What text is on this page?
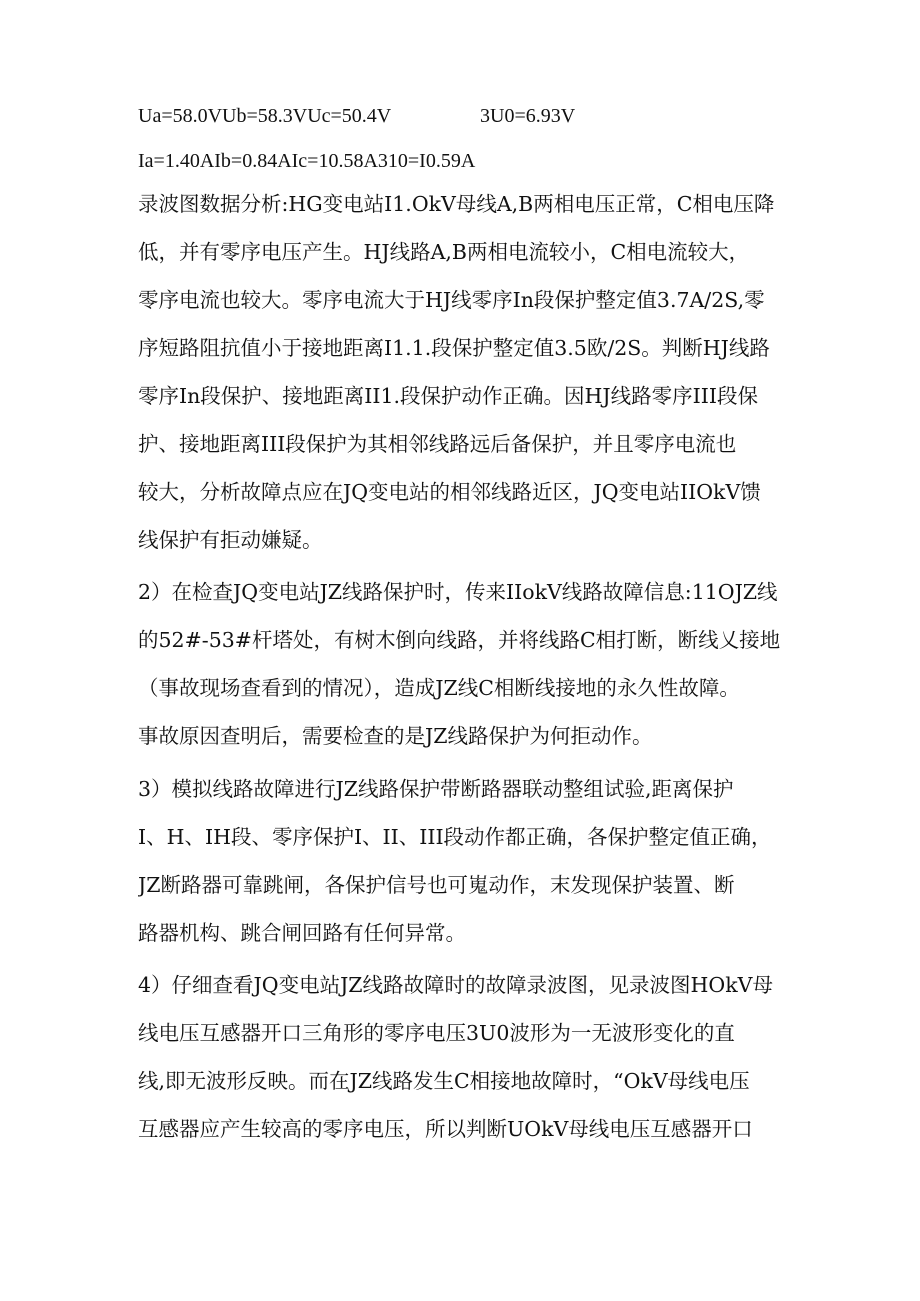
Ua=58.0VUb=58.3VUc=50.4V	3U0=6.93V
Ia=1.40AIb=0.84AIc=10.58A310=I0.59A
录波图数据分析:HG变电站I1.OkV母线A,B两相电压正常，C相电压降
低，并有零序电压产生。HJ线路A,B两相电流较小，C相电流较大，
零序电流也较大。零序电流大于HJ线零序In段保护整定值3.7A/2S,零
序短路阻抗值小于接地距离I1.1.段保护整定值3.5欧/2S。判断HJ线路
零序In段保护、接地距离II1.段保护动作正确。因HJ线路零序III段保
护、接地距离III段保护为其相邻线路远后备保护，并且零序电流也
较大，分析故障点应在JQ变电站的相邻线路近区，JQ变电站IIOkV馈
线保护有拒动嫌疑。
2）在检查JQ变电站JZ线路保护时，传来IIokV线路故障信息:11OJZ线
的52#-53#杆塔处，有树木倒向线路，并将线路C相打断，断线乂接地
（事故现场查看到的情况），造成JZ线C相断线接地的永久性故障。
事故原因查明后，需要检查的是JZ线路保护为何拒动作。
3）模拟线路故障进行JZ线路保护带断路器联动整组试验,距离保护
I、H、IH段、零序保护I、II、III段动作都正确，各保护整定值正确，
JZ断路器可靠跳闸，各保护信号也可嵬动作，末发现保护装置、断
路器机构、跳合闸回路有任何异常。
4）仔细查看JQ变电站JZ线路故障时的故障录波图，见录波图HOkV母
线电压互感器开口三角形的零序电压3U0波形为一无波形变化的直
线,即无波形反映。而在JZ线路发生C相接地故障时，“OkV母线电压
互感器应产生较高的零序电压，所以判断UOkV母线电压互感器开口
